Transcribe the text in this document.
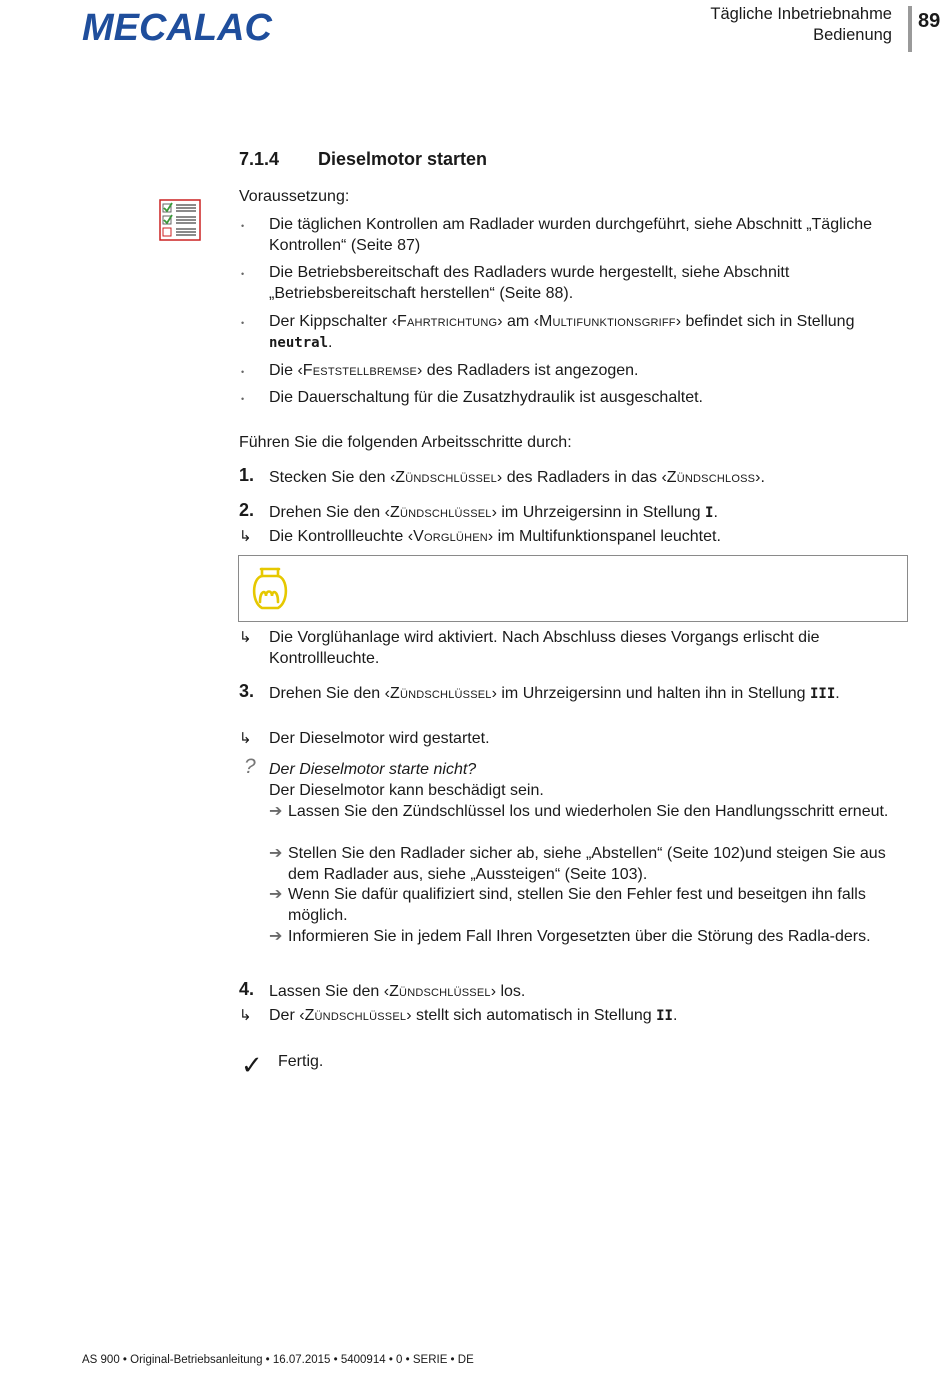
MECALAC	Tägliche Inbetriebnahme
Bedienung
89
7.1.4 Dieselmotor starten
Voraussetzung:
• Die täglichen Kontrollen am Radlader wurden durchgeführt, siehe Abschnitt „Tägliche Kontrollen“ (Seite 87)
• Die Betriebsbereitschaft des Radladers wurde hergestellt, siehe Abschnitt „Betriebsbereitschaft herstellen“ (Seite 88).
• Der Kippschalter ‹Fahrtrichtung› am ‹Multifunktionsgriff› befindet sich in Stellung neutral.
• Die ‹Feststellbremse› des Radladers ist angezogen.
• Die Dauerschaltung für die Zusatzhydraulik ist ausgeschaltet.
Führen Sie die folgenden Arbeitsschritte durch:
1. Stecken Sie den ‹Zündschlüssel› des Radladers in das ‹Zündschloss›.
2. Drehen Sie den ‹Zündschlüssel› im Uhrzeigersinn in Stellung I.
↳ Die Kontrollleuchte ‹Vorglühen› im Multifunktionspanel leuchtet.
↳ Die Vorglühanlage wird aktiviert. Nach Abschluss dieses Vorgangs erlischt die Kontrollleuchte.
3. Drehen Sie den ‹Zündschlüssel› im Uhrzeigersinn und halten ihn in Stellung III.
↳ Der Dieselmotor wird gestartet.
? Der Dieselmotor starte nicht?
Der Dieselmotor kann beschädigt sein.
➔ Lassen Sie den Zündschlüssel los und wiederholen Sie den Handlungsschritt erneut.
➔ Stellen Sie den Radlader sicher ab, siehe „Abstellen“ (Seite 102)und steigen Sie aus dem Radlader aus, siehe „Aussteigen“ (Seite 103).
➔ Wenn Sie dafür qualifiziert sind, stellen Sie den Fehler fest und beseitgen ihn falls möglich.
➔ Informieren Sie in jedem Fall Ihren Vorgesetzten über die Störung des Radla-ders.
4. Lassen Sie den ‹Zündschlüssel› los.
↳ Der ‹Zündschlüssel› stellt sich automatisch in Stellung II.
✓ Fertig.
AS 900 • Original-Betriebsanleitung • 16.07.2015 • 5400914 • 0 • SERIE • DE
